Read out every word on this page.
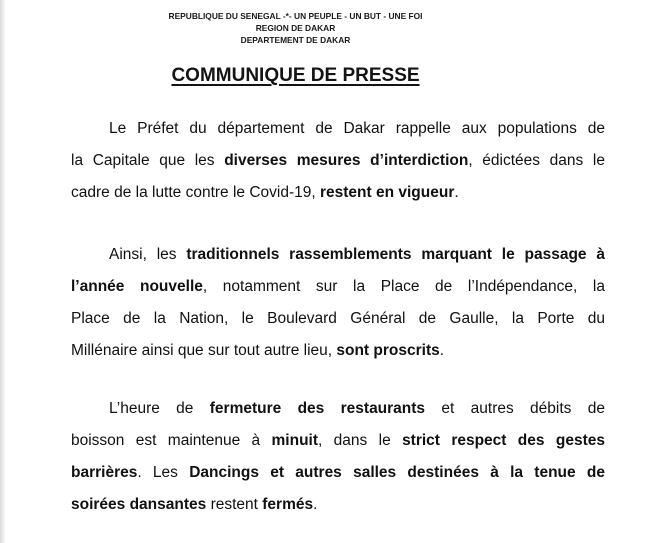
REPUBLIQUE DU SENEGAL -*- UN PEUPLE - UN BUT - UNE FOI
REGION DE DAKAR
DEPARTEMENT DE DAKAR
COMMUNIQUE DE PRESSE
Le Préfet du département de Dakar rappelle aux populations de
la Capitale que les diverses mesures d’interdiction, édictées dans le
cadre de la lutte contre le Covid-19, restent en vigueur.
Ainsi, les traditionnels rassemblements marquant le passage à
l’année nouvelle, notamment sur la Place de l’Indépendance, la
Place de la Nation, le Boulevard Général de Gaulle, la Porte du
Millénaire ainsi que sur tout autre lieu, sont proscrits.
L’heure de fermeture des restaurants et autres débits de
boisson est maintenue à minuit, dans le strict respect des gestes
barrières. Les Dancings et autres salles destinées à la tenue de
soirées dansantes restent fermés.
